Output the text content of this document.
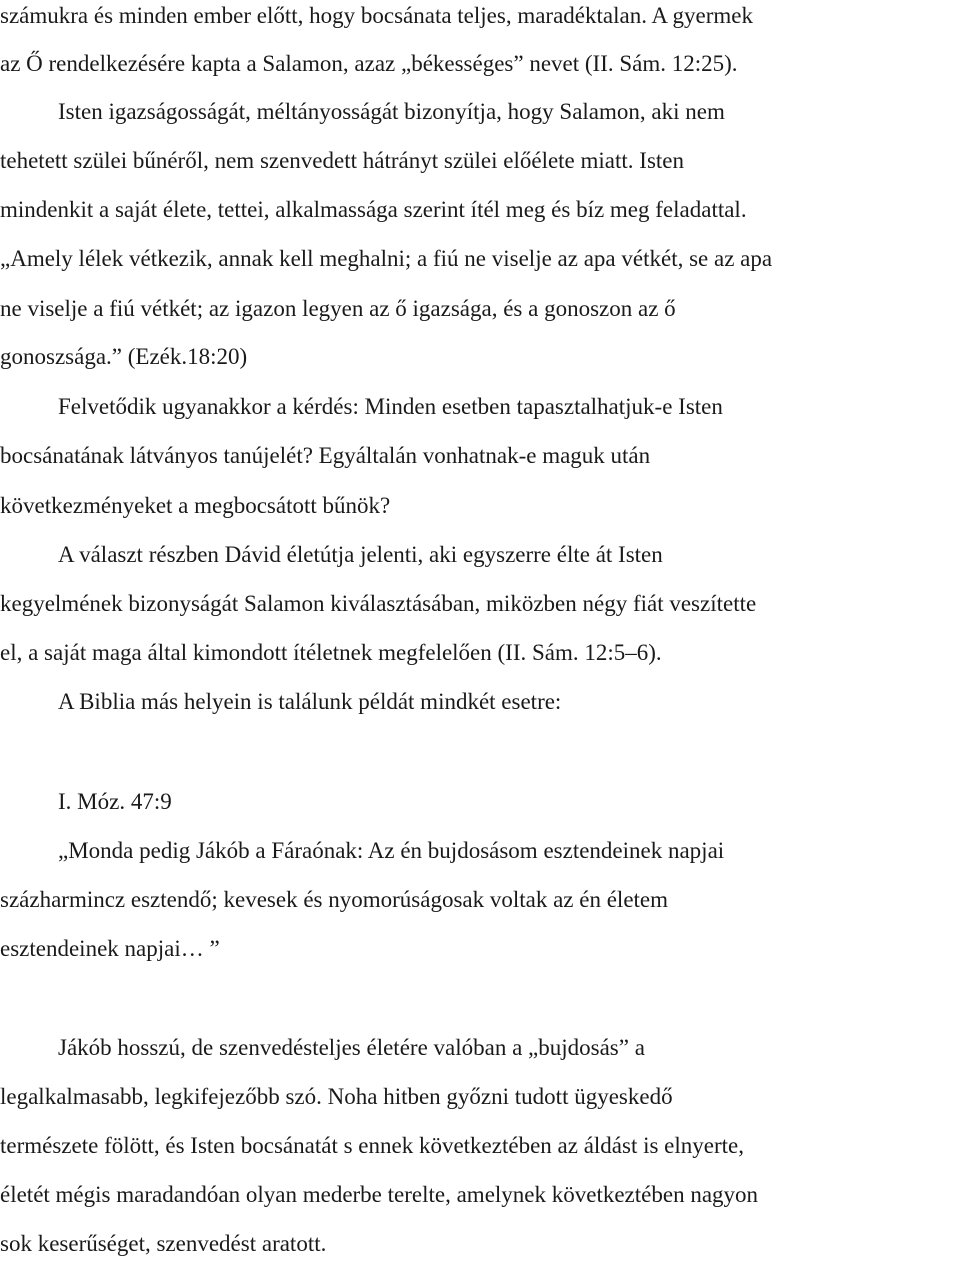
számukra és minden ember előtt, hogy bocsánata teljes, maradéktalan. A gyermek
az Ő rendelkezésére kapta a Salamon, azaz „békességes” nevet (II. Sám. 12:25).
Isten igazságosságát, méltányosságát bizonyítja, hogy Salamon, aki nem
tehetett szülei bűnéről, nem szenvedett hátrányt szülei előélete miatt. Isten
mindenkit a saját élete, tettei, alkalmassága szerint ítél meg és bíz meg feladattal.
„Amely lélek vétkezik, annak kell meghalni; a fiú ne viselje az apa vétkét, se az apa
ne viselje a fiú vétkét; az igazon legyen az ő igazsága, és a gonoszon az ő
gonoszsága.” (Ezék.18:20)
Felvetődik ugyanakkor a kérdés: Minden esetben tapasztalhatjuk-e Isten
bocsánatának látványos tanújelét? Egyáltalán vonhatnak-e maguk után
következményeket a megbocsátott bűnök?
A választ részben Dávid életútja jelenti, aki egyszerre élte át Isten
kegyelmének bizonyságát Salamon kiválasztásában, miközben négy fiát veszítette
el, a saját maga által kimondott ítéletnek megfelelően (II. Sám. 12:5–6).
A Biblia más helyein is találunk példát mindkét esetre:
I. Móz. 47:9
„Monda pedig Jákób a Fáraónak: Az én bujdosásom esztendeinek napjai
százharmincz esztendő; kevesek és nyomorúságosak voltak az én életem
esztendeinek napjai… ”
Jákób hosszú, de szenvedésteljes életére valóban a „bujdosás” a
legalkalmasabb, legkifejezőbb szó. Noha hitben győzni tudott ügyeskedő
természete fölött, és Isten bocsánatát s ennek következtében az áldást is elnyerte,
életét mégis maradandóan olyan mederbe terelte, amelynek következtében nagyon
sok keserűséget, szenvedést aratott.
